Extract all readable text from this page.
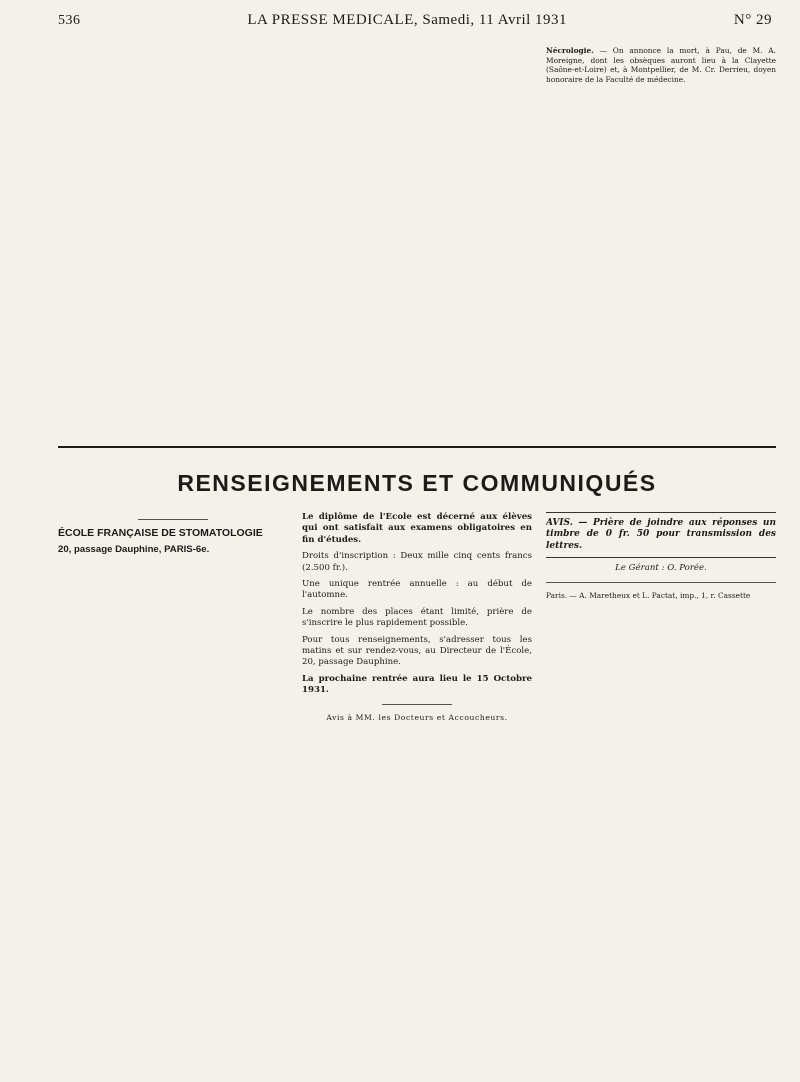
536	LA PRESSE MEDICALE, Samedi, 11 Avril 1931	N° 29

Nécrologie. — On annonce la mort, à Pau, de M. A. Moreigne, dont les obsèques auront lieu à la Clayette (Saône-et-Loire) et, à Montpellier, de M. Cr. Derrieu, doyen honoraire de la Faculté de médecine.

RENSEIGNEMENTS ET COMMUNIQUÉS

ÉCOLE FRANÇAISE DE STOMATOLOGIE

20, passage Dauphine, PARIS-6e.

Le diplôme de l'École est décerné aux élèves qui ont satisfait aux examens obligatoires en fin d'études.

Droits d'inscription : Deux mille cinq cents francs (2.500 fr.).

Une unique rentrée annuelle : au début de l'automne.

Le nombre des places étant limité, prière de s'inscrire le plus rapidement possible.

Pour tous renseignements, s'adresser tous les matins et sur rendez-vous, au Directeur de l'École, 20, passage Dauphine.

La prochaine rentrée aura lieu le 15 Octobre 1931.

Avis à MM. les Docteurs et Accoucheurs.

AVIS. — Prière de joindre aux réponses un timbre de 0 fr. 50 pour transmission des lettres.

Le Gérant : O. Porée.

Paris. — A. Maretheux et L. Pactat, imp., 1, r. Cassette
